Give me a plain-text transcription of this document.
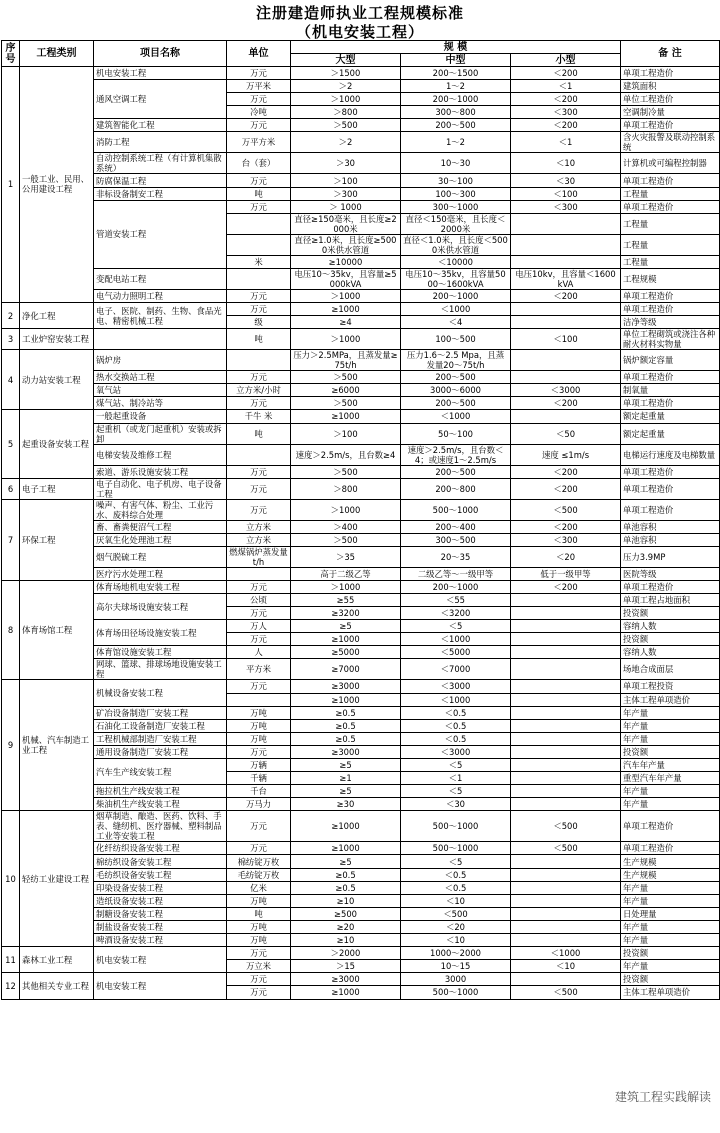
注册建造师执业工程规模标准
（机电安装工程）
序号	工程类别	项目名称	单位	规 模			备 注
				大型	中型	小型	
1	一般工业、民用、公用建设工程	机电安装工程	万元	＞1500	200～1500	＜200	单项工程造价
		通风空调工程	万平米	＞2	1～2	＜1	建筑面积
			万元	＞1000	200～1000	＜200	单位工程造价
			冷吨	＞800	300～800	＜300	空调制冷量
		建筑智能化工程	万元	＞500	200～500	＜200	单项工程造价
		消防工程	万平方米	＞2	1～2	＜1	含火灾报警及联动控制系统
		自动控制系统工程（有计算机集散系统）	台（套）	＞30	10～30	＜10	计算机或可编程控制器
		防腐保温工程	万元	＞100	30～100	＜30	单项工程造价
		非标设备制安工程	吨	＞300	100～300	＜100	工程量
		管道安装工程	万元	＞ 1000	300～1000	＜300	单项工程造价
				直径≥150毫米，且长度≥2000米	直径＜150毫米，且长度＜2000米		工程量
				直径≥1.0米，且长度≥5000米供水管道	直径＜1.0米，且长度＜5000米供水管道		工程量
			米	≥10000	＜10000		工程量
		变配电站工程		电压10～35kv，且容量≥5000kVA	电压10～35kv，且容量5000～1600kVA	电压10kv，且容量＜1600kVA	工程规模
		电气动力照明工程	万元	＞1000	200～1000	＜200	单项工程造价
2	净化工程	电子、医院、制药、生物、食品光电、精密机械工程	万元	≥1000	＜1000		单项工程造价
			级	≥4	＜4		洁净等级
3	工业炉窑安装工程		吨	＞1000	100～500	＜100	单位工程砌筑或浇注各种耐火材料实物量
4	动力站安装工程	锅炉房		压力＞2.5MPa，且蒸发量≥75t/h	压力1.6～2.5 Mpa，且蒸发量20～75t/h		锅炉额定容量
		热水交换站工程	万元	＞500	200～500		单项工程造价
		氧气站	立方米/小时	≥6000	3000～6000	＜3000	制氧量
		煤气站、制冷站等	万元	＞500	200～500	＜200	单项工程造价
5	起重设备安装工程	一般起重设备	千牛 米	≥1000	＜1000		额定起重量
		起重机（或龙门起重机）安装或拆卸	吨	＞100	50～100	＜50	额定起重量
		电梯安装及维修工程		速度＞2.5m/s，且台数≥4	速度＞2.5m/s，且台数＜4；或速度1～2.5m/s	速度 ≤1m/s	电梯运行速度及电梯数量
		索道、游乐设施安装工程	万元	＞500	200～500	＜200	单项工程造价
6	电子工程	电子自动化、电子机房、电子设备工程	万元	＞800	200～800	＜200	单项工程造价
7	环保工程	噪声、有害气体、粉尘、工业污水、废料综合处理	万元	＞1000	500～1000	＜500	单项工程造价
		畜、畜粪便沼气工程	立方米	＞400	200～400	＜200	单池容积
		厌氧生化处理池工程	立方米	＞500	300～500	＜300	单池容积
		烟气脱硫工程	燃煤锅炉蒸发量t/h	＞35	20～35	＜20	压力3.9MP
		医疗污水处理工程		高于二级乙等	二级乙等～一级甲等	低于一级甲等	医院等级
8	体育场馆工程	体育场地机电安装工程	万元	＞1000	200～1000	＜200	单项工程造价
		高尔夫球场设施安装工程	公顷	≥55	＜55		单项工程占地面积
			万元	≥3200	＜3200		投资额
		体育场田径场设施安装工程	万人	≥5	＜5		容纳人数
			万元	≥1000	＜1000		投资额
		体育馆设施安装工程	人	≥5000	＜5000		容纳人数
		网球、篮球、排球场地设施安装工程	平方米	≥7000	＜7000		场地合成面层
9	机械、汽车制造工业工程	机械设备安装工程	万元	≥3000	＜3000		单项工程投资
				≥1000	＜1000		主体工程单项造价
		矿冶设备制造厂安装工程	万吨	≥0.5	＜0.5		年产量
		石油化工设备制造厂安装工程	万吨	≥0.5	＜0.5		年产量
		工程机械部制造厂安装工程	万吨	≥0.5	＜0.5		年产量
		通用设备制造厂安装工程	万元	≥3000	＜3000		投资额
		汽车生产线安装工程	万辆	≥5	＜5		汽车年产量
			千辆	≥1	＜1		重型汽车年产量
		拖拉机生产线安装工程	千台	≥5	＜5		年产量
		柴油机生产线安装工程	万马力	≥30	＜30		年产量
10	轻纺工业建设工程	烟草制造、酿造、医药、饮料、手表、缝纫机、医疗器械、塑料制品工业等安装工程	万元	≥1000	500～1000	＜500	单项工程造价
		化纤纺织设备安装工程	万元	≥1000	500～1000	＜500	单项工程造价
		棉纺织设备安装工程	棉纺锭万枚	≥5	＜5		生产规模
		毛纺织设备安装工程	毛纺锭万枚	≥0.5	＜0.5		生产规模
		印染设备安装工程	亿米	≥0.5	＜0.5		年产量
		造纸设备安装工程	万吨	≥10	＜10		年产量
		制糖设备安装工程	吨	≥500	＜500		日处理量
		制盐设备安装工程	万吨	≥20	＜20		年产量
		啤酒设备安装工程	万吨	≥10	＜10		年产量
11	森林工业工程	机电安装工程	万元	＞2000	1000～2000	＜1000	投资额
			万立米	＞15	10～15	＜10	年产量
12	其他相关专业工程	机电安装工程	万元	≥3000	3000		投资额
			万元	≥1000	500～1000	＜500	主体工程单项造价
建筑工程实践解读
